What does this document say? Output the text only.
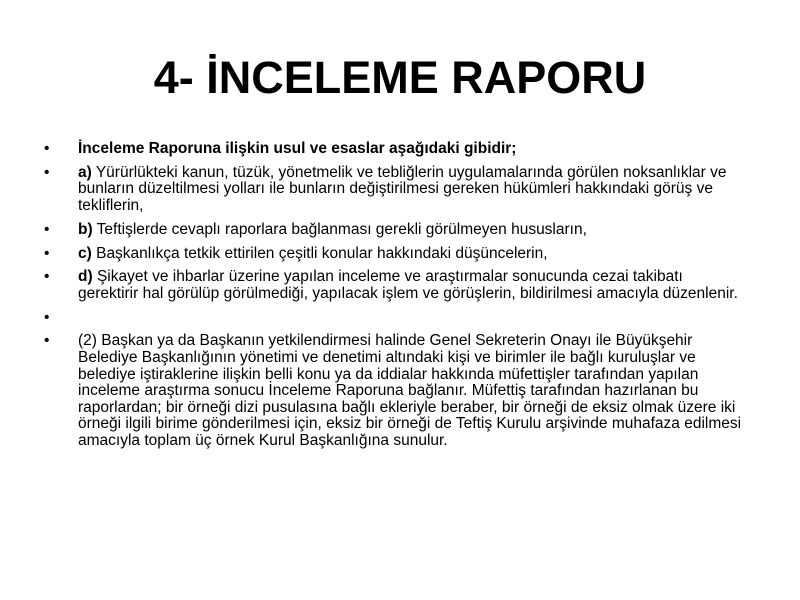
4- İNCELEME RAPORU
• İnceleme Raporuna ilişkin usul ve esaslar aşağıdaki gibidir;
• a) Yürürlükteki kanun, tüzük, yönetmelik ve tebliğlerin uygulamalarında görülen noksanlıklar ve bunların düzeltilmesi yolları ile bunların değiştirilmesi gereken hükümleri hakkındaki görüş ve tekliflerin,
• b) Teftişlerde cevaplı raporlara bağlanması gerekli görülmeyen hususların,
• c) Başkanlıkça tetkik ettirilen çeşitli konular hakkındaki düşüncelerin,
• d) Şikayet ve ihbarlar üzerine yapılan inceleme ve araştırmalar sonucunda cezai takibatı gerektirir hal görülüp görülmediği, yapılacak işlem ve görüşlerin, bildirilmesi amacıyla düzenlenir.
•
• (2) Başkan ya da Başkanın yetkilendirmesi halinde Genel Sekreterin Onayı ile Büyükşehir Belediye Başkanlığının yönetimi ve denetimi altındaki kişi ve birimler ile bağlı kuruluşlar ve belediye iştiraklerine ilişkin belli konu ya da iddialar hakkında müfettişler tarafından yapılan inceleme araştırma sonucu İnceleme Raporuna bağlanır. Müfettiş tarafından hazırlanan bu raporlardan; bir örneği dizi pusulasına bağlı ekleriyle beraber, bir örneği de eksiz olmak üzere iki örneği ilgili birime gönderilmesi için, eksiz bir örneği de Teftiş Kurulu arşivinde muhafaza edilmesi amacıyla toplam üç örnek Kurul Başkanlığına sunulur.
